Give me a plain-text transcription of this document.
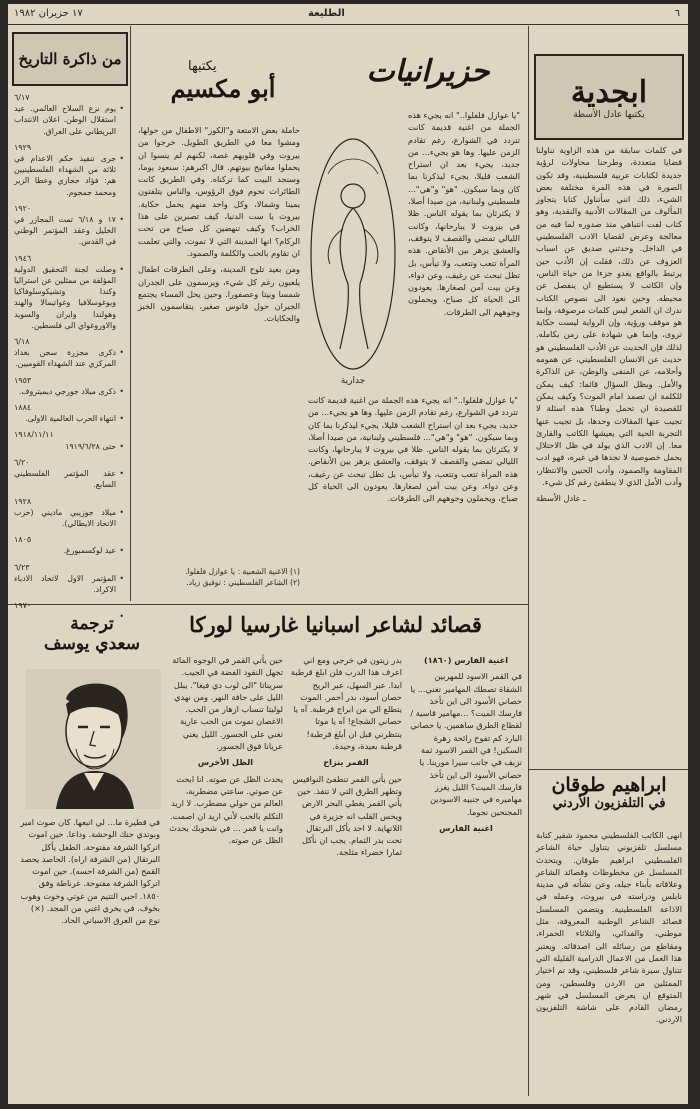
٦
الطليعة
١٧ حزيران ١٩٨٢
ابجدية
يكتبها عادل الأسطة

في كلمات سابقة من هذه الزاوية تناولنا قضايا متعددة، وطرحنا محاولات لرؤية جديدة لكتابات عربية فلسطينية، وقد تكون الصورة في هذه المرة مختلفة بعض الشيء، ذلك انني سأتناول كتابا يتجاوز المألوف من المقالات الأدبية والنقدية، وهو كتاب لفت انتباهي منذ صدوره لما فيه من معالجة وعرض لقضايا الادب الفلسطيني في الداخل. وحدثني صديق عن اسباب العزوف عن ذلك، فقلت إن الأدب حين يرتبط بالواقع يغدو جزءا من حياة الناس، وإن الكاتب لا يستطيع ان ينفصل عن محيطه. وحين نعود الى نصوص الكتاب ندرك ان الشعر ليس كلمات مرصوفة، وإنما هو موقف ورؤية، وإن الرواية ليست حكاية تروى، وإنما هي شهادة على زمن بكامله. لذلك فإن الحديث عن الأدب الفلسطيني هو حديث عن الانسان الفلسطيني، عن همومه وأحلامه، عن المنفى والوطن، عن الذاكرة والأمل. ويظل السؤال قائما: كيف يمكن للكلمة ان تصمد امام الموت؟ وكيف يمكن للقصيدة ان تحمل وطنا؟ هذه اسئلة لا تجيب عنها المقالات وحدها، بل تجيب عنها التجربة الحية التي يعيشها الكاتب والقارئ معا. إن الادب الذي يولد في ظل الاحتلال يحمل خصوصية لا نجدها في غيره، فهو ادب المقاومة والصمود، وأدب الحنين والانتظار، وأدب الأمل الذي لا ينطفئ رغم كل شيء.

ـ عادل الأسطة

ابراهيم طوقان
في التلفزيون الأردني

انهى الكاتب الفلسطيني محمود شقير كتابة مسلسل تلفزيوني يتناول حياة الشاعر الفلسطيني ابراهيم طوقان. ويتحدث المسلسل عن مخطوطات وقصائد الشاعر وعلاقاته بأبناء جيله، وعن نشأته في مدينة نابلس ودراسته في بيروت، وعمله في الاذاعة الفلسطينية. ويتضمن المسلسل قصائد الشاعر الوطنية المعروفة، مثل موطني، والفدائي، والثلاثاء الحمراء، ومقاطع من رسائله الى اصدقائه. ويعتبر هذا العمل من الاعمال الدرامية القليلة التي تتناول سيرة شاعر فلسطيني، وقد تم اختيار الممثلين من الاردن وفلسطين، ومن المتوقع ان يعرض المسلسل في شهر رمضان القادم على شاشة التلفزيون الاردني.

حزيرانيات

"يا عوازل فلفلوا.." انه يجيء هذه الجملة من اغنية قديمة كانت تتردد في الشوارع، رغم تقادم الزمن عليها. وها هو يجيء... من جديد، يجيء بعد ان استراح الشعب قليلا، يجيء ليذكرنا بما كان وبما سيكون. "هو" و"هي"... فلسطيني ولبنانية، من صيدا أصلا، لا يكترثان بما يقوله الناس. ظلا في بيروت لا يبارحانها، وكانت الليالي تمضي والقصف لا يتوقف، والعشق يزهر بين الأنقاض. هذه المرأة تتعب وتتعب، ولا تيأس، بل تظل تبحث عن رغيف، وعن دواء، وعن بيت آمن لصغارها. يعودون الى الحياة كل صباح، ويحملون وجوههم الى الطرقات.

جدارية
يكتبها
أبو مكسيم

حاملة بعض الامتعة و"الكوز" الاطفال من حولها، ومشوا معا في الطريق الطويل. خرجوا من بيروت وفي قلوبهم غصة، لكنهم لم ينسوا ان يحملوا مفاتيح بيوتهم. قال اكبرهم: سنعود يوما، وسنجد البيت كما تركناه. وفي الطريق كانت الطائرات تحوم فوق الرؤوس، والناس يتلفتون يمينا وشمالا، وكل واحد منهم يحمل حكاية. بيروت يا ست الدنيا، كيف تصبرين على هذا الخراب؟ وكيف تنهضين كل صباح من تحت الركام؟ انها المدينة التي لا تموت، والتي تعلمت ان تقاوم بالحب والكلمة والصمود.

ومن بعيد تلوح المدينة، وعلى الطرقات اطفال يلعبون رغم كل شيء، ويرسمون على الجدران شمسا وبيتا وعصفورا. وحين يحل المساء يجتمع الجيران حول فانوس صغير، يتقاسمون الخبز والحكايات.

"يا عوازل فلفلوا.." انه يجيء هذه الجملة من اغنية قديمة كانت تتردد في الشوارع، رغم تقادم الزمن عليها. وها هو يجيء... من جديد، يجيء بعد ان استراح الشعب قليلا، يجيء ليذكرنا بما كان وبما سيكون. "هو" و"هي"... فلسطيني ولبنانية، من صيدا أصلا، لا يكترثان بما يقوله الناس. ظلا في بيروت لا يبارحانها، وكانت الليالي تمضي والقصف لا يتوقف، والعشق يزهر بين الأنقاض. هذه المرأة تتعب وتتعب، ولا تيأس، بل تظل تبحث عن رغيف، وعن دواء، وعن بيت آمن لصغارها. يعودون الى الحياة كل صباح، ويحملون وجوههم الى الطرقات.

(١) الاغنية الشعبية : يا عوازل فلفلوا.
(٢) الشاعر الفلسطيني : توفيق زياد.
من ذاكرة التاريخ
٦/١٧
• يوم نزع السلاح العالمي. عيد استقلال الوطن. اعلان الانتداب البريطاني على العراق.
١٩٢٩
• جرى تنفيذ حكم الاعدام في ثلاثة من الشهداء الفلسطينيين هم: فؤاد حجازي وعطا الزير ومحمد جمجوم.
١٩٢٠
• ١٧ و ٦/١٨ تمت المجازر في الخليل وعقد المؤتمر الوطني في القدس.
١٩٤٦
• وصلت لجنة التحقيق الدولية المؤلفة من ممثلين عن استراليا وكندا وتشيكوسلوفاكيا ويوغوسلافيا وغواتيمالا والهند وهولندا وايران والسويد والاوروغواي الى فلسطين.
٦/١٨
• ذكرى مجزرة سجن بغداد المركزي عند الشهداء القوميين.
١٩٥٣
• ذكرى ميلاد جورجي ديميتروف.
١٨٨٤
• انتهاء الحرب العالمية الاولى.
١٩١٨/١١/١١
• حتى ١٩١٩/٦/٢٨
٦/٢٠
• عقد المؤتمر الفلسطيني السابع.
١٩٢٨
• ميلاد جوزيبي ماديني (حزب الاتحاد الايطالي).
١٨٠٥
• عيد لوكسمبورغ.
٦/٢٣
• المؤتمر الاول لاتحاد الادباء الاكراد.
١٩٧٠
قصائد لشاعر اسبانيا غارسيا لوركا

اغنية الفارس (١٨٦٠)

في القمر الاسود للمهربين الشقاة تصطك المهامير تغني... يا حصاني الأسود الى اين تأخذ فارسك الميت؟ ...مهامير قاسية / لقطاع الطرق ساهمين. يا حصاني البارد كم تفوح رائحة زهرة السكين! في القمر الاسود ثمة نزيف في جانب سيرا مورينا. يا حصاني الأسود الى اين تأخذ فارسك الميت؟ الليل يغرز مهاميره في جنبيه الاسودين المجنحين نجوما.

اغنية الفارس

بدر زيتون في خرجي ومع اني اعرف هذا الدرب فلن ابلغ قرطبة ابدا. عبر السهل، عبر الريح حصان أسود، بدر أحمر. الموت يتطلع الي من ابراج قرطبة. آه يا حصاني الشجاع! آه يا موتا ينتظرني قبل ان أبلغ قرطبة! قرطبة بعيدة، وحيدة.

القمر ينزاح

حين يأتي القمر تنطفئ النواقيس وتظهر الطرق التي لا تنفذ. حين يأتي القمر يغطي البحر الارض ويحس القلب انه جزيرة في اللانهاية. لا احد يأكل البرتقال تحت بدر التمام. يجب ان نأكل ثمارا خضراء مثلجة.

حين يأتي القمر في الوجوه المائة تجهل النقود الفضة في الجيب. سريناتا "الى لوب دي فيغا". يبلل الليل على حافة النهر. ومن نهدي لوليتا تنساب ازهار من الحب. الاغصان تموت من الحب عارية تغني على الجسور. الليل يغني عريانا فوق الجسور.

الظل الأخرس

يحدث الظل عن صوته. انا ابحث عن صوتي. ساعتي مضطربة، العالم من حولي مضطرب. لا اريد التكلم بالحب لأني اريد ان اصمت. وانت يا قمر ... في شحوبك يحدث الظل عن صوته.

ترجمة
سعدي يوسف

في قطيرة ما... لي اتبعها. كان صوت امير وبوتدي حنك الوحشة. وداعا. حين اموت اتركوا الشرفة مفتوحة. الطفل يأكل البرتقال (من الشرفة اراه). الحاصد يحصد القمح (من الشرفة احسه). حين اموت اتركوا الشرفة مفتوحة. غرناطة وفق ١٨٥٠. احبي التتيم من غوتي وخوت وهوب بخوف. في يخري اغني من المجد. (×) نوع من العرق الاسباني الحاد.
